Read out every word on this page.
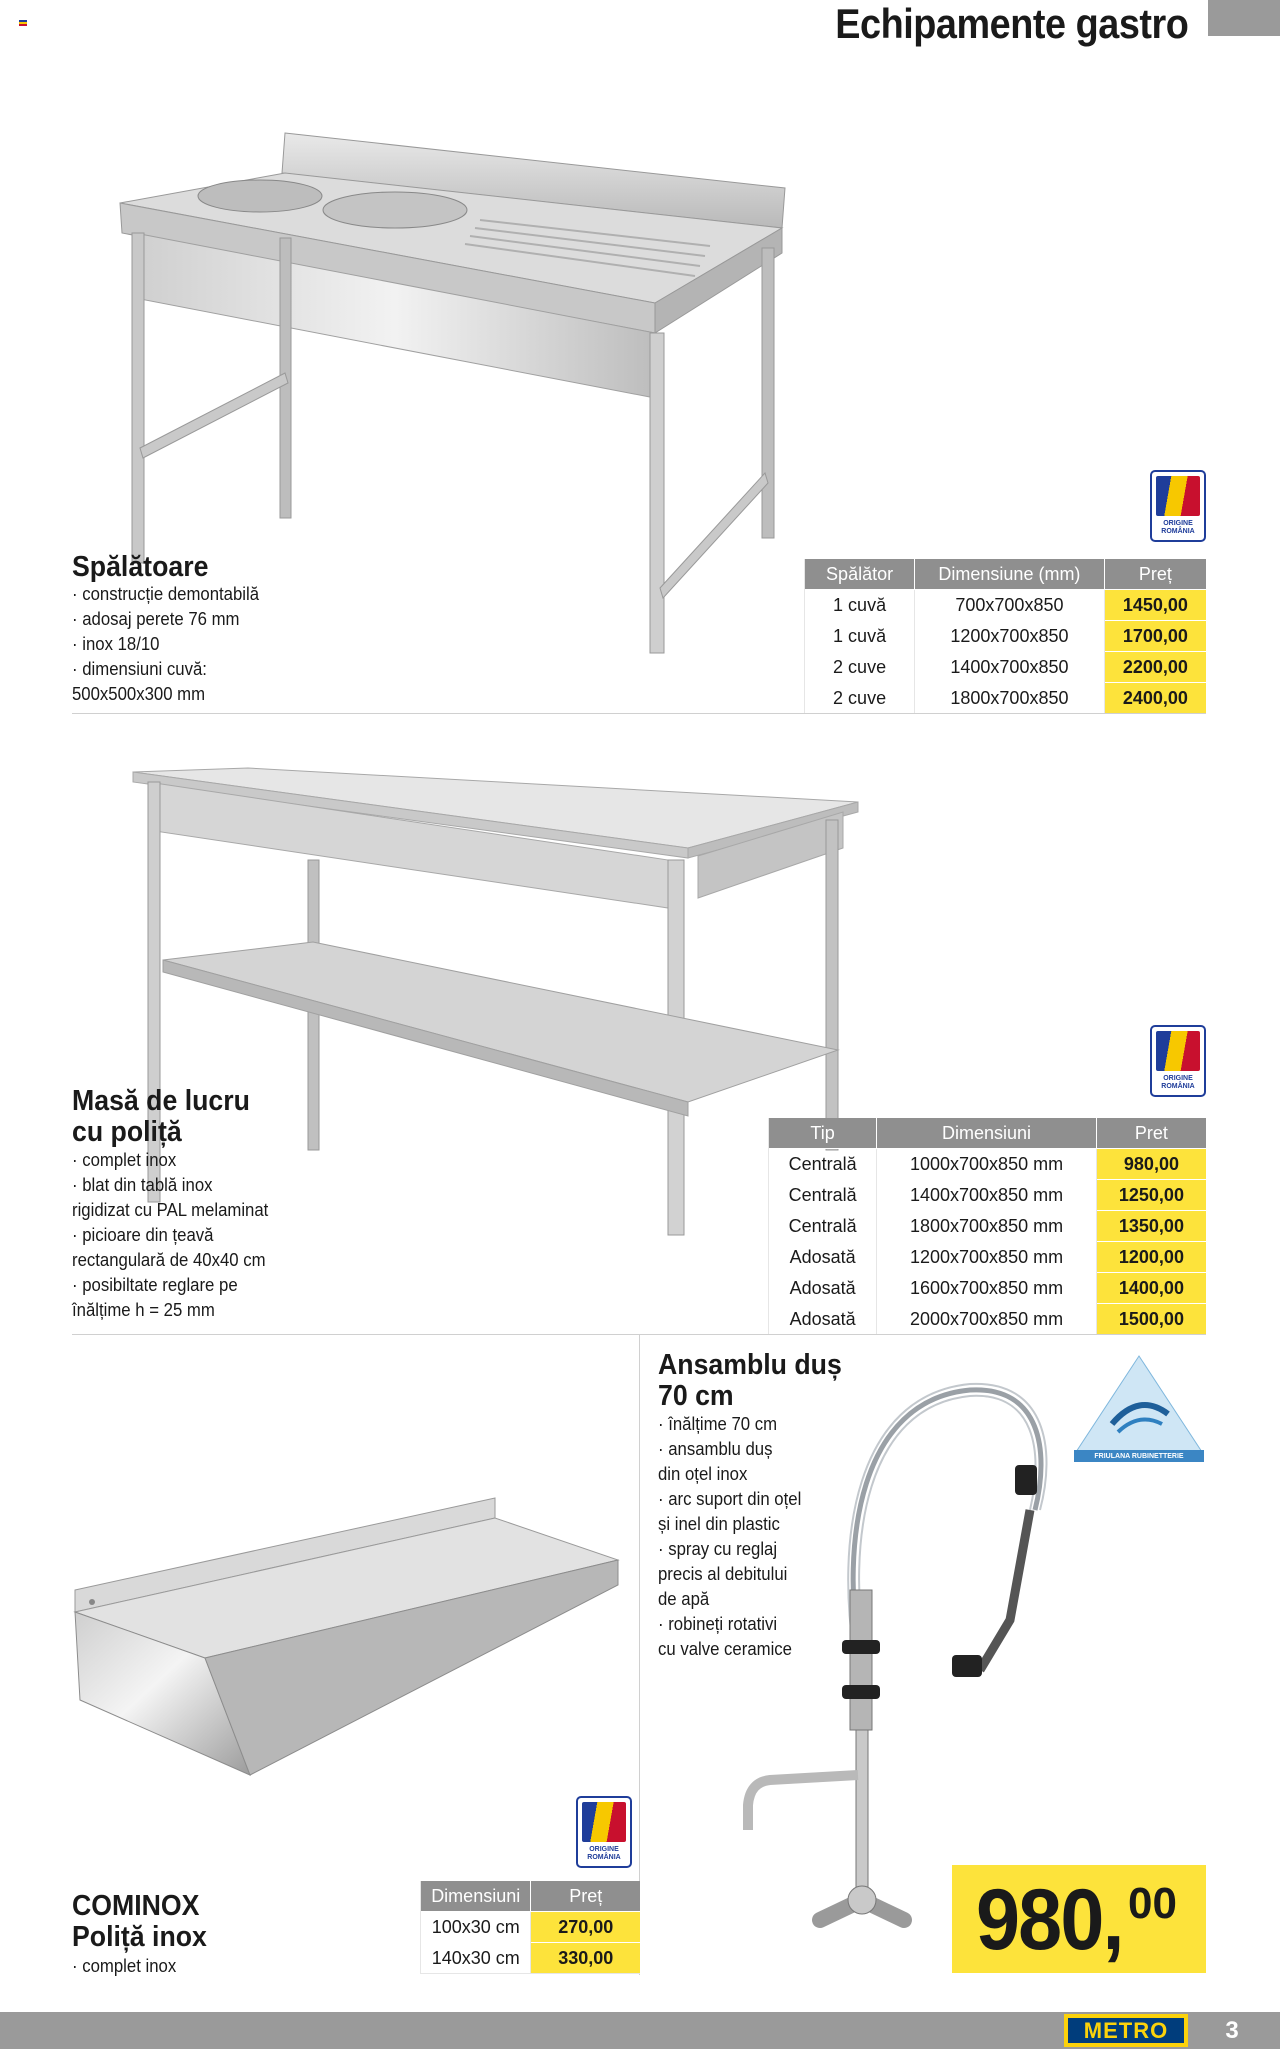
Echipamente gastro
ORIGINE
ROMÂNIA
Spălătoare
· construcție demontabilă
· adosaj perete 76 mm
· inox 18/10
· dimensiuni cuvă:
500x500x300 mm
Spălător	Dimensiune (mm)	Preț
1 cuvă	700x700x850	1450,00
1 cuvă	1200x700x850	1700,00
2 cuve	1400x700x850	2200,00
2 cuve	1800x700x850	2400,00
ORIGINE
ROMÂNIA
Masă de lucru
cu poliță
· complet inox
· blat din tablă inox
rigidizat cu PAL melaminat
· picioare din țeavă
rectangulară de 40x40 cm
· posibiltate reglare pe
înălțime h = 25 mm
Tip	Dimensiuni	Pret
Centrală	1000x700x850 mm	980,00
Centrală	1400x700x850 mm	1250,00
Centrală	1800x700x850 mm	1350,00
Adosată	1200x700x850 mm	1200,00
Adosată	1600x700x850 mm	1400,00
Adosată	2000x700x850 mm	1500,00
ORIGINE
ROMÂNIA
COMINOX
Poliță inox
· complet inox
Dimensiuni	Preț
100x30 cm	270,00
140x30 cm	330,00
Ansamblu duș
70 cm
· înălțime 70 cm
· ansamblu duș
din oțel inox
· arc suport din oțel
și inel din plastic
· spray cu reglaj
precis al debitului
de apă
· robineți rotativi
cu valve ceramice
FRIULANA RUBINETTERIE
980, 00
METRO	3
